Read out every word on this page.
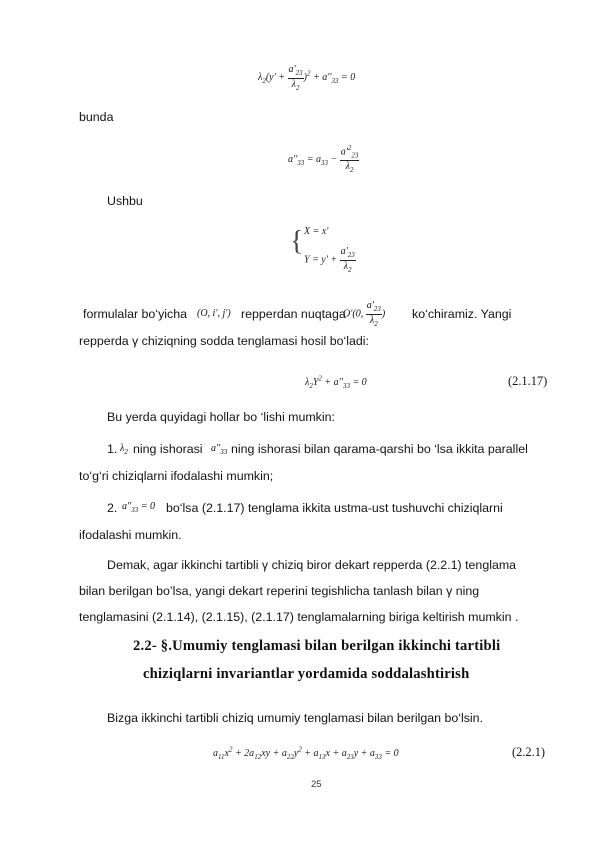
$\lambda_2(y' + \frac{a'_{23}}{\lambda_2} )^2 + a''_{33} = 0$
bunda
$a''_{33} = a_{33} - \frac{a'^2_{23}}{\lambda_2}$
Ushbu
{ X = x'
$Y = y' + \frac{a'_{23}}{\lambda_2}$
formulalar bo‘yicha (O, i', j') repperdan nuqtaga
O'(0, $\frac{a'_{23}}{\lambda_2}$ ) ko‘chiramiz. Yangi
repperda γ chiziqning sodda tenglamasi hosil bo‘ladi:
$\lambda_2Y^2 + a''_{33} = 0$	(2.1.17)
Bu yerda quyidagi hollar bo ‘lishi mumkin:
1. $\lambda_2$ ning ishorasi $a''_{33}$ ning ishorasi bilan qarama-qarshi bo ‘lsa ikkita parallel
to‘g‘ri chiziqlarni ifodalashi mumkin;
2. $a''_{33} = 0$ bo‘lsa (2.1.17) tenglama ikkita ustma-ust tushuvchi chiziqlarni
ifodalashi mumkin.
Demak, agar ikkinchi tartibli γ chiziq biror dekart repperda (2.2.1) tenglama
bilan berilgan bo’lsa, yangi dekart reperini tegishlicha tanlash bilan γ ning
tenglamasini (2.1.14), (2.1.15), (2.1.17) tenglamalarning biriga keltirish mumkin .
2.2- §.Umumiy tenglamasi bilan berilgan ikkinchi tartibli
chiziqlarni invariantlar yordamida soddalashtirish
Bizga ikkinchi tartibli chiziq umumiy tenglamasi bilan berilgan bo‘lsin.
$a_{11}x^2 + 2a_{12}xy + a_{22}y^2 + a_{13}x + a_{23}y + a_{33} = 0$	(2.2.1)
25
